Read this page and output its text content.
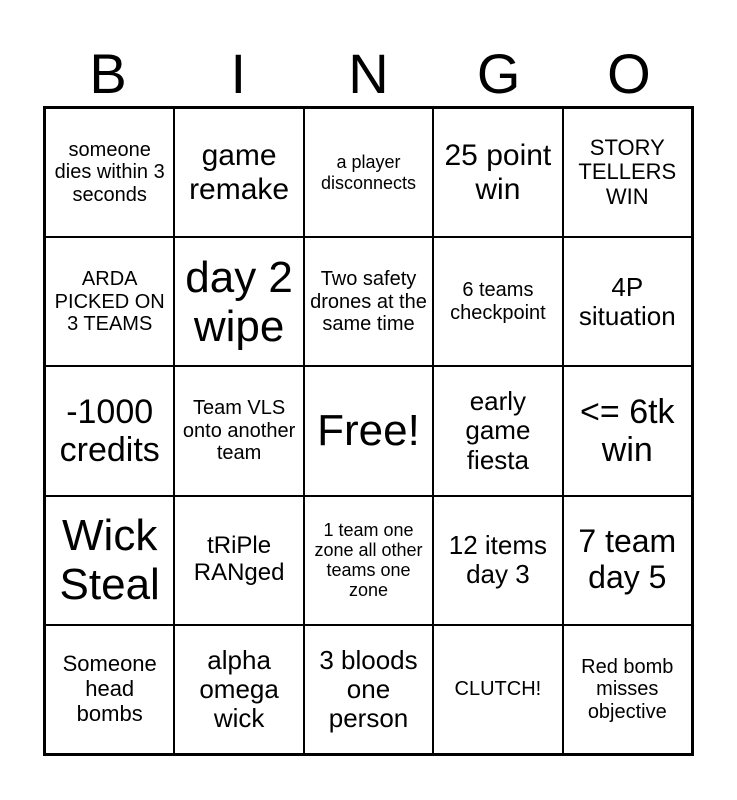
B	I	N	G	O
someone dies within 3 seconds
game remake
a player disconnects
25 point win
STORY TELLERS WIN
ARDA PICKED ON 3 TEAMS
day 2 wipe
Two safety drones at the same time
6 teams checkpoint
4P situation
-1000 credits
Team VLS onto another team	Free!
early game fiesta
<= 6tk win
Wick Steal
tRiPle RANged
1 team one zone all other teams one zone
12 items day 3
7 team day 5
Someone head bombs
alpha omega wick
3 bloods one person
CLUTCH!
Red bomb misses objective
